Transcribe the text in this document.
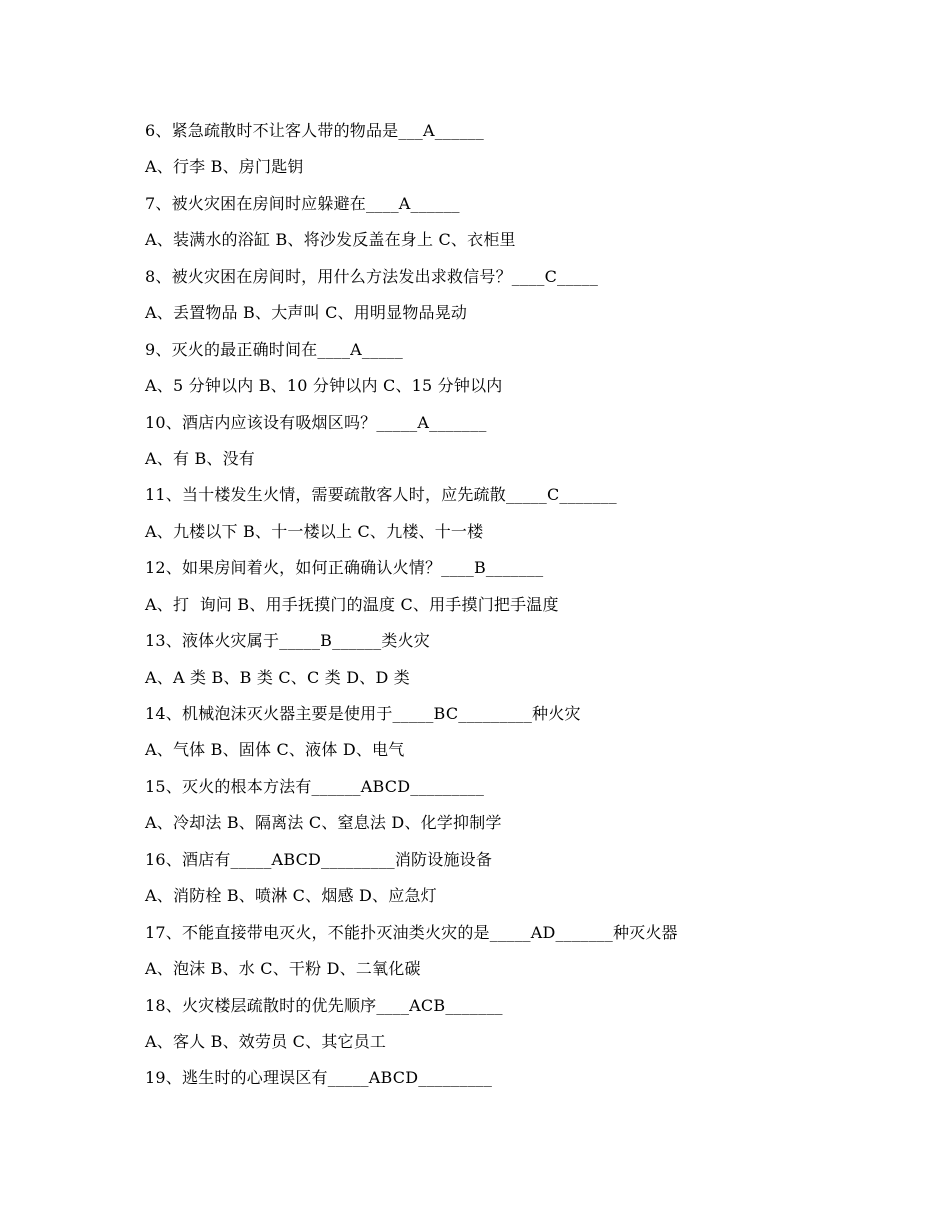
6、紧急疏散时不让客人带的物品是___A______
A、行李 B、房门匙钥
7、被火灾困在房间时应躲避在____A______
A、装满水的浴缸 B、将沙发反盖在身上 C、衣柜里
8、被火灾困在房间时，用什么方法发出求救信号？____C_____
A、丢置物品 B、大声叫 C、用明显物品晃动
9、灭火的最正确时间在____A_____
A、5 分钟以内 B、10 分钟以内 C、15 分钟以内
10、酒店内应该设有吸烟区吗？_____A_______
A、有 B、没有
11、当十楼发生火情，需要疏散客人时，应先疏散_____C_______
A、九楼以下 B、十一楼以上 C、九楼、十一楼
12、如果房间着火，如何正确确认火情？____B_______
A、打  询问 B、用手抚摸门的温度 C、用手摸门把手温度
13、液体火灾属于_____B______类火灾
A、A 类 B、B 类 C、C 类 D、D 类
14、机械泡沫灭火器主要是使用于_____BC_________种火灾
A、气体 B、固体 C、液体 D、电气
15、灭火的根本方法有______ABCD_________
A、冷却法 B、隔离法 C、窒息法 D、化学抑制学
16、酒店有_____ABCD_________消防设施设备
A、消防栓 B、喷淋 C、烟感 D、应急灯
17、不能直接带电灭火，不能扑灭油类火灾的是_____AD_______种灭火器
A、泡沫 B、水 C、干粉 D、二氧化碳
18、火灾楼层疏散时的优先顺序____ACB_______
A、客人 B、效劳员 C、其它员工
19、逃生时的心理误区有_____ABCD_________
